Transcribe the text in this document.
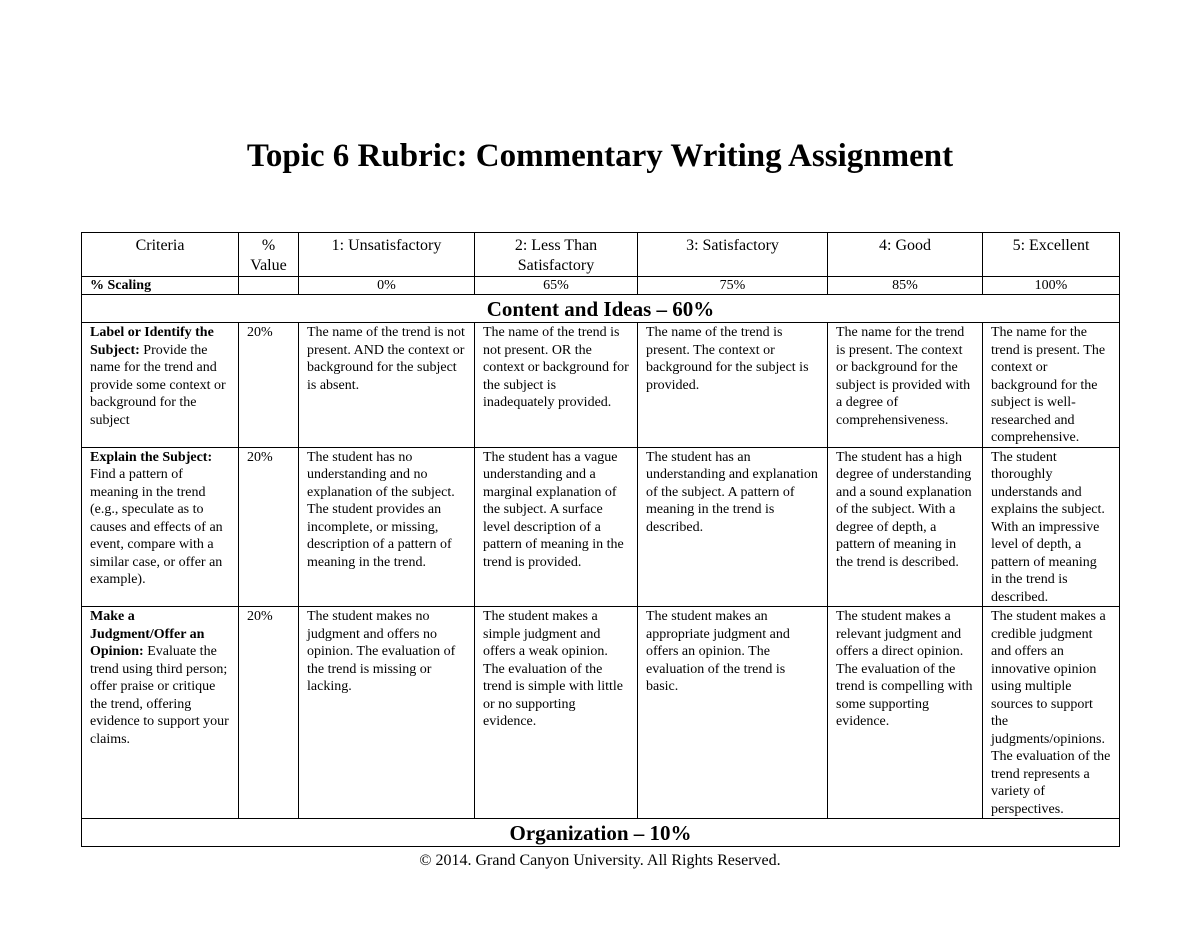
Topic 6 Rubric: Commentary Writing Assignment
Criteria	% Value	1: Unsatisfactory	2: Less Than Satisfactory	3: Satisfactory	4: Good	5: Excellent
% Scaling		0%	65%	75%	85%	100%
Content and Ideas – 60%						
Label or Identify the Subject: Provide the name for the trend and provide some context or background for the subject	20%	The name of the trend is not present. AND the context or background for the subject is absent.	The name of the trend is not present. OR the context or background for the subject is inadequately provided.	The name of the trend is present. The context or background for the subject is provided.	The name for the trend is present. The context or background for the subject is provided with a degree of comprehensiveness.	The name for the trend is present. The context or background for the subject is well-researched and comprehensive.
Explain the Subject: Find a pattern of meaning in the trend (e.g., speculate as to causes and effects of an event, compare with a similar case, or offer an example).	20%	The student has no understanding and no explanation of the subject. The student provides an incomplete, or missing, description of a pattern of meaning in the trend.	The student has a vague understanding and a marginal explanation of the subject. A surface level description of a pattern of meaning in the trend is provided.	The student has an understanding and explanation of the subject. A pattern of meaning in the trend is described.	The student has a high degree of understanding and a sound explanation of the subject. With a degree of depth, a pattern of meaning in the trend is described.	The student thoroughly understands and explains the subject. With an impressive level of depth, a pattern of meaning in the trend is described.
Make a Judgment/Offer an Opinion: Evaluate the trend using third person; offer praise or critique the trend, offering evidence to support your claims.	20%	The student makes no judgment and offers no opinion. The evaluation of the trend is missing or lacking.	The student makes a simple judgment and offers a weak opinion. The evaluation of the trend is simple with little or no supporting evidence.	The student makes an appropriate judgment and offers an opinion. The evaluation of the trend is basic.	The student makes a relevant judgment and offers a direct opinion. The evaluation of the trend is compelling with some supporting evidence.	The student makes a credible judgment and offers an innovative opinion using multiple sources to support the judgments/opinions. The evaluation of the trend represents a variety of perspectives.
Organization – 10%						
© 2014. Grand Canyon University. All Rights Reserved.
